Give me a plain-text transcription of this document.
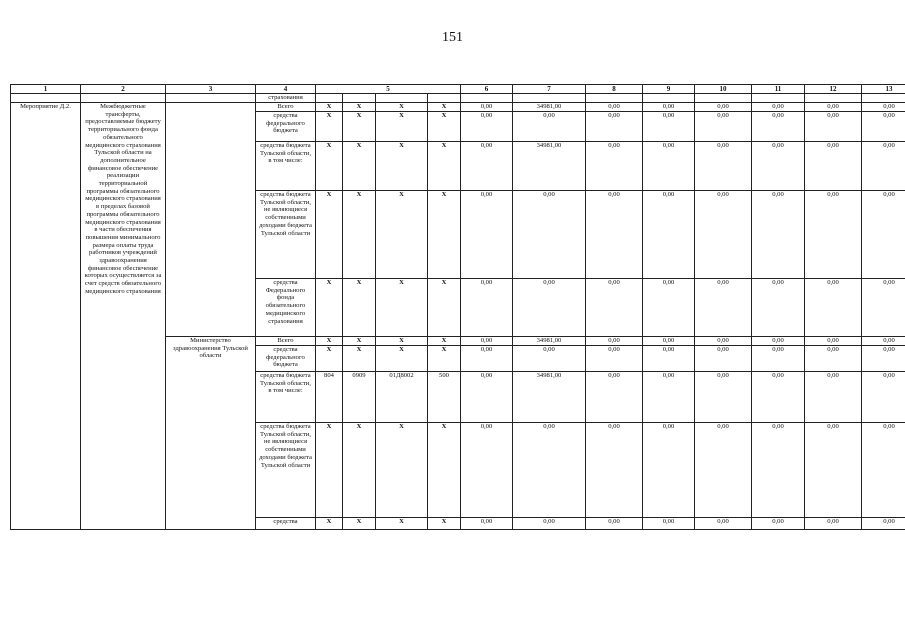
151
1	2	3	4	5				6	7	8	9	10	11	12	13
			страхования												
Мероприятие Д.2.	Межбюджетные трансферты, предоставляемые бюджету территориального фонда обязательного медицинского страхования Тульской области на дополнительное финансовое обеспечение реализации территориальной программы обязательного медицинского страхования в пределах базовой программы обязательного медицинского страхования в части обеспечения повышения минимального размера оплаты труда работников учреждений здравоохранения финансовое обеспечение которых осуществляется за счет средств обязательного медицинского страхования		Всего	X	X	X	X	0,00	34981,00	0,00	0,00	0,00	0,00	0,00	0,00
			средства федерального бюджета	X	X	X	X	0,00	0,00	0,00	0,00	0,00	0,00	0,00	0,00
			средства бюджета Тульской области, в том числе:	X	X	X	X	0,00	34981,00	0,00	0,00	0,00	0,00	0,00	0,00
			средства бюджета Тульской области, не являющиеся собственными доходами бюджета Тульской области	X	X	X	X	0,00	0,00	0,00	0,00	0,00	0,00	0,00	0,00
			средства Федерального фонда обязательного медицинского страхования	X	X	X	X	0,00	0,00	0,00	0,00	0,00	0,00	0,00	0,00
		Министерство здравоохранения Тульской области	Всего	X	X	X	X	0,00	34981,00	0,00	0,00	0,00	0,00	0,00	0,00
			средства федерального бюджета	X	X	X	X	0,00	0,00	0,00	0,00	0,00	0,00	0,00	0,00
			средства бюджета Тульской области, в том числе:	804	0909	01Д8002	500	0,00	34981,00	0,00	0,00	0,00	0,00	0,00	0,00
			средства бюджета Тульской области, не являющиеся собственными доходами бюджета Тульской области	X	X	X	X	0,00	0,00	0,00	0,00	0,00	0,00	0,00	0,00
			средства	X	X	X	X	0,00	0,00	0,00	0,00	0,00	0,00	0,00	0,00
